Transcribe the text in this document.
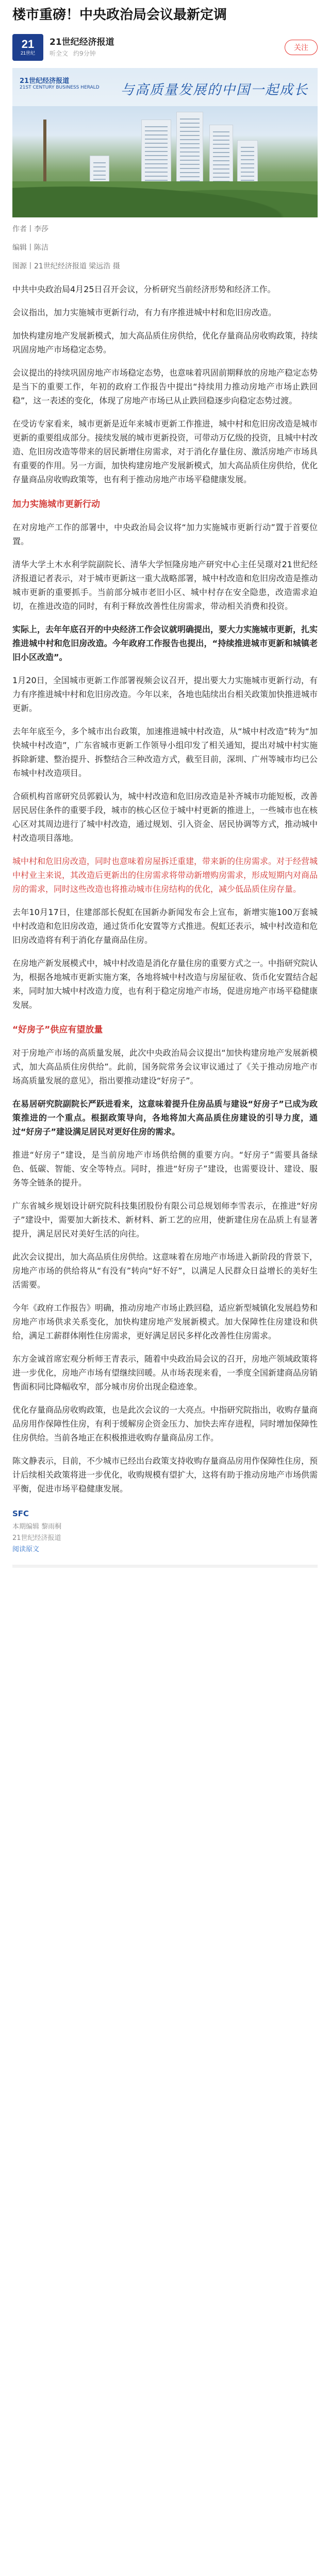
楼市重磅！中央政治局会议最新定调
21
21世纪
21世纪经济报道
听全文 约9分钟
关注
21世纪经济报道
21ST CENTURY BUSINESS HERALD 与高质量发展的中国一起成长
作者丨李莎
编辑丨陈洁
图源丨21世纪经济报道 梁远浩 摄

中共中央政治局4月25日召开会议，分析研究当前经济形势和经济工作。

会议指出，加力实施城市更新行动，有力有序推进城中村和危旧房改造。

加快构建房地产发展新模式，加大高品质住房供给，优化存量商品房收购政策，持续巩固房地产市场稳定态势。

会议提出的持续巩固房地产市场稳定态势，也意味着巩固前期释放的房地产稳定态势是当下的重要工作，年初的政府工作报告中提出“持续用力推动房地产市场止跌回稳”，这一表述的变化，体现了房地产市场已从止跌回稳逐步向稳定态势过渡。

在受访专家看来，城市更新是近年来城市更新工作推进，城中村和危旧房改造是城市更新的重要组成部分。接续发展的城市更新投资，可带动万亿级的投资，且城中村改造、危旧房改造等带来的居民新增住房需求，对于消化存量住房、激活房地产市场具有重要的作用。另一方面，加快构建房地产发展新模式，加大高品质住房供给，优化存量商品房收购政策等，也有利于推动房地产市场平稳健康发展。

加力实施城市更新行动

在对房地产工作的部署中，中央政治局会议将“加力实施城市更新行动”置于首要位置。

清华大学土木水利学院副院长、清华大学恒隆房地产研究中心主任吴璟对21世纪经济报道记者表示，对于城市更新这一重大战略部署，城中村改造和危旧房改造是推动城市更新的重要抓手。当前部分城市老旧小区、城中村存在安全隐患，改造需求迫切，在推进改造的同时，有利于释放改善性住房需求，带动相关消费和投资。

实际上，去年年底召开的中央经济工作会议就明确提出，要大力实施城市更新，扎实推进城中村和危旧房改造。今年政府工作报告也提出，“持续推进城市更新和城镇老旧小区改造”。

1月20日，全国城市更新工作部署视频会议召开，提出要大力实施城市更新行动，有力有序推进城中村和危旧房改造。今年以来，各地也陆续出台相关政策加快推进城市更新。

去年年底至今，多个城市出台政策，加速推进城中村改造，从“城中村改造”转为“加快城中村改造”，广东省城市更新工作领导小组印发了相关通知，提出对城中村实施拆除新建、整治提升、拆整结合三种改造方式，截至目前，深圳、广州等城市均已公布城中村改造项目。

合硕机构首席研究员郭毅认为，城中村改造和危旧房改造是补齐城市功能短板，改善居民居住条件的重要手段，城市的核心区位于城中村更新的推进上，一些城市也在核心区对其周边进行了城中村改造，通过规划、引入资金、居民协调等方式，推动城中村改造项目落地。

城中村和危旧房改造，同时也意味着房屋拆迁重建，带来新的住房需求。对于经营城中村业主来说，其改造后更新出的住房需求将带动新增购房需求，形成短期内对商品房的需求，同时这些改造也将推动城市住房结构的优化，减少低品质住房存量。

去年10月17日，住建部部长倪虹在国新办新闻发布会上宣布，新增实施100万套城中村改造和危旧房改造，通过货币化安置等方式推进。倪虹还表示，城中村改造和危旧房改造将有利于消化存量商品住房。

在房地产新发展模式中，城中村改造是消化存量住房的重要方式之一。中指研究院认为，根据各地城市更新实施方案，各地将城中村改造与房屋征收、货币化安置结合起来，同时加大城中村改造力度，也有利于稳定房地产市场，促进房地产市场平稳健康发展。

“好房子”供应有望放量

对于房地产市场的高质量发展，此次中央政治局会议提出“加快构建房地产发展新模式，加大高品质住房供给”。此前，国务院常务会议审议通过了《关于推动房地产市场高质量发展的意见》，指出要推动建设“好房子”。

在易居研究院副院长严跃进看来，这意味着提升住房品质与建设“好房子”已成为政策推进的一个重点。根据政策导向，各地将加大高品质住房建设的引导力度，通过“好房子”建设满足居民对更好住房的需求。

推进“好房子”建设，是当前房地产市场供给侧的重要方向。“好房子”需要具备绿色、低碳、智能、安全等特点。同时，推进“好房子”建设，也需要设计、建设、服务等全链条的提升。

广东省城乡规划设计研究院科技集团股份有限公司总规划师李雪表示，在推进“好房子”建设中，需要加大新技术、新材料、新工艺的应用，使新建住房在品质上有显著提升，满足居民对美好生活的向往。

此次会议提出，加大高品质住房供给。这意味着在房地产市场进入新阶段的背景下，房地产市场的供给将从“有没有”转向“好不好”，以满足人民群众日益增长的美好生活需要。

今年《政府工作报告》明确，推动房地产市场止跌回稳，适应新型城镇化发展趋势和房地产市场供求关系变化，加快构建房地产发展新模式。加大保障性住房建设和供给，满足工薪群体刚性住房需求，更好满足居民多样化改善性住房需求。

东方金诚首席宏观分析师王青表示，随着中央政治局会议的召开，房地产领域政策将进一步优化，房地产市场有望继续回暖。从市场表现来看，一季度全国新建商品房销售面积同比降幅收窄，部分城市房价出现企稳迹象。

优化存量商品房收购政策，也是此次会议的一大亮点。中指研究院指出，收购存量商品房用作保障性住房，有利于缓解房企资金压力、加快去库存进程，同时增加保障性住房供给。当前各地正在积极推进收购存量商品房工作。

陈文静表示，目前，不少城市已经出台政策支持收购存量商品房用作保障性住房，预计后续相关政策将进一步优化，收购规模有望扩大，这将有助于推动房地产市场供需平衡，促进市场平稳健康发展。

SFC
本期编辑 黎雨桐
21世纪经济报道
阅读原文
